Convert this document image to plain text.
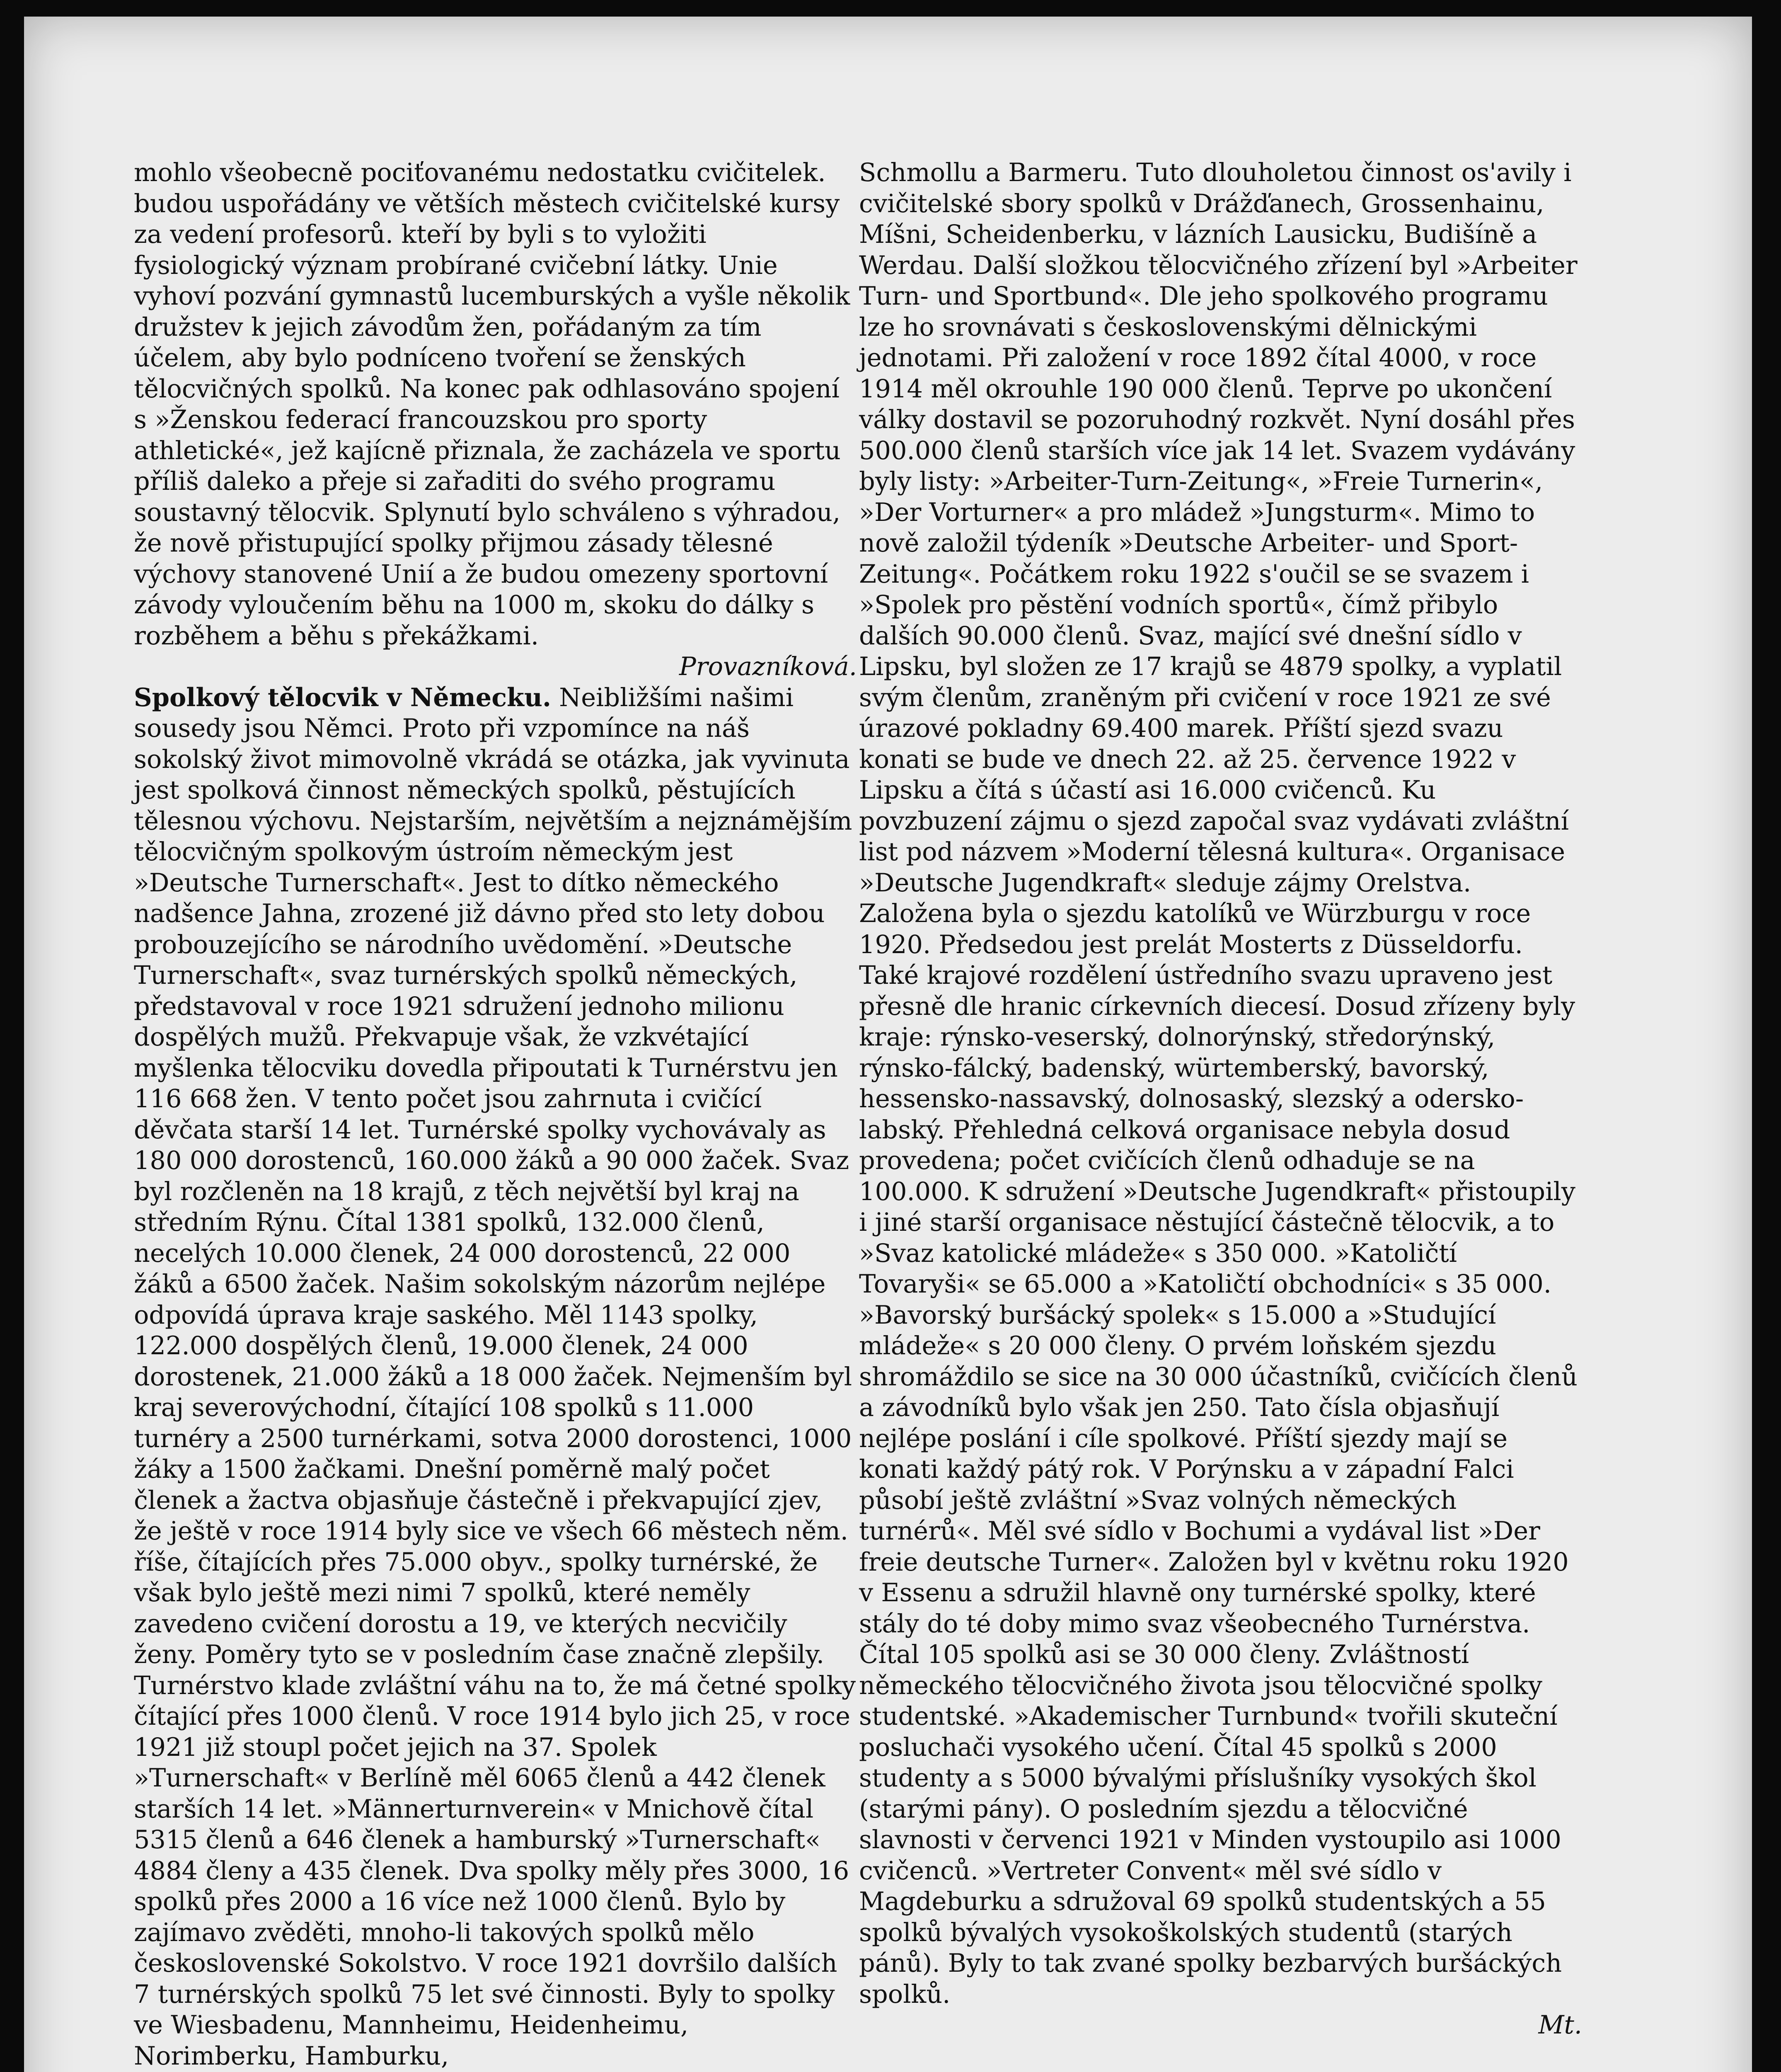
mohlo všeobecně pociťovanému nedostatku cvičitelek. budou uspořádány ve větších městech cvičitelské kursy za vedení profesorů. kteří by byli s to vyložiti fysiologický význam probírané cvičební látky. Unie vyhoví pozvání gymnastů lucemburských a vyšle několik družstev k jejich závodům žen, pořádaným za tím účelem, aby bylo podníceno tvoření se ženských tělocvičných spolků. Na konec pak odhlasováno spojení s »Ženskou federací francouzskou pro sporty athletické«, jež kajícně přiznala, že zacházela ve sportu příliš daleko a přeje si zařaditi do svého programu soustavný tělocvik. Splynutí bylo schváleno s výhradou, že nově přistupující spolky přijmou zásady tělesné výchovy stanovené Unií a že budou omezeny sportovní závody vyloučením běhu na 1000 m, skoku do dálky s rozběhem a běhu s překážkami.

Provazníková.

Spolkový tělocvik v Německu. Neibližšími našimi sousedy jsou Němci. Proto při vzpomínce na náš sokolský život mimovolně vkrádá se otázka, jak vyvinuta jest spolková činnost německých spolků, pěstujících tělesnou výchovu. Nejstarším, největším a nejznámějším tělocvičným spolkovým ústroím německým jest »Deutsche Turnerschaft«. Jest to dítko německého nadšence Jahna, zrozené již dávno před sto lety dobou probouzejícího se národního uvědomění. »Deutsche Turnerschaft«, svaz turnérských spolků německých, představoval v roce 1921 sdružení jednoho milionu dospělých mužů. Překvapuje však, že vzkvétající myšlenka tělocviku dovedla připoutati k Turnérstvu jen 116 668 žen. V tento počet jsou zahrnuta i cvičící děvčata starší 14 let. Turnérské spolky vychovávaly as 180 000 dorostenců, 160.000 žáků a 90 000 žaček. Svaz byl rozčleněn na 18 krajů, z těch největší byl kraj na středním Rýnu. Čítal 1381 spolků, 132.000 členů, necelých 10.000 členek, 24 000 dorostenců, 22 000 žáků a 6500 žaček. Našim sokolským názorům nejlépe odpovídá úprava kraje saského. Měl 1143 spolky, 122.000 dospělých členů, 19.000 členek, 24 000 dorostenek, 21.000 žáků a 18 000 žaček. Nejmenším byl kraj severovýchodní, čítající 108 spolků s 11.000 turnéry a 2500 turnérkami, sotva 2000 dorostenci, 1000 žáky a 1500 žačkami. Dnešní poměrně malý počet členek a žactva objasňuje částečně i překvapující zjev, že ještě v roce 1914 byly sice ve všech 66 městech něm. říše, čítajících přes 75.000 obyv., spolky turnérské, že však bylo ještě mezi nimi 7 spolků, které neměly zavedeno cvičení dorostu a 19, ve kterých necvičily ženy. Poměry tyto se v posledním čase značně zlepšily. Turnérstvo klade zvláštní váhu na to, že má četné spolky čítající přes 1000 členů. V roce 1914 bylo jich 25, v roce 1921 již stoupl počet jejich na 37. Spolek »Turnerschaft« v Berlíně měl 6065 členů a 442 členek starších 14 let. »Männerturnverein« v Mnichově čítal 5315 členů a 646 členek a hamburský »Turnerschaft« 4884 členy a 435 členek. Dva spolky měly přes 3000, 16 spolků přes 2000 a 16 více než 1000 členů. Bylo by zajímavo zvěděti, mnoho-li takových spolků mělo československé Sokolstvo. V roce 1921 dovršilo dalších 7 turnérských spolků 75 let své činnosti. Byly to spolky ve Wiesbadenu, Mannheimu, Heidenheimu, Norimberku, Hamburku,

Schmollu a Barmeru. Tuto dlouholetou činnost os'avily i cvičitelské sbory spolků v Drážďanech, Grossenhainu, Míšni, Scheidenberku, v lázních Lausicku, Budišíně a Werdau. Další složkou tělocvičného zřízení byl »Arbeiter Turn- und Sportbund«. Dle jeho spolkového programu lze ho srovnávati s československými dělnickými jednotami. Při založení v roce 1892 čítal 4000, v roce 1914 měl okrouhle 190 000 členů. Teprve po ukončení války dostavil se pozoruhodný rozkvět. Nyní dosáhl přes 500.000 členů starších více jak 14 let. Svazem vydávány byly listy: »Arbeiter-Turn-Zeitung«, »Freie Turnerin«, »Der Vorturner« a pro mládež »Jungsturm«. Mimo to nově založil týdeník »Deutsche Arbeiter- und Sport-Zeitung«. Počátkem roku 1922 s'oučil se se svazem i »Spolek pro pěstění vodních sportů«, čímž přibylo dalších 90.000 členů. Svaz, mající své dnešní sídlo v Lipsku, byl složen ze 17 krajů se 4879 spolky, a vyplatil svým členům, zraněným při cvičení v roce 1921 ze své úrazové pokladny 69.400 marek. Příští sjezd svazu konati se bude ve dnech 22. až 25. července 1922 v Lipsku a čítá s účastí asi 16.000 cvičenců. Ku povzbuzení zájmu o sjezd započal svaz vydávati zvláštní list pod názvem »Moderní tělesná kultura«. Organisace »Deutsche Jugendkraft« sleduje zájmy Orelstva. Založena byla o sjezdu katolíků ve Würzburgu v roce 1920. Předsedou jest prelát Mosterts z Düsseldorfu. Také krajové rozdělení ústředního svazu upraveno jest přesně dle hranic církevních diecesí. Dosud zřízeny byly kraje: rýnsko-vesersk‌ý, dolnorýnský, středorýnský, rýnsko-fálcký, badenský, würtemberský, bavorský, hessensko-nassavský, dolnosaský, slezský a odersko-labský. Přehledná celková organisace nebyla dosud provedena; počet cvičících členů odhaduje se na 100.000. K sdružení »Deutsche Jugendkraft« přistoupily i jiné starší organisace něstující částečně tělocvik, a to »Svaz katolické mládeže« s 350 000. »Katoličtí Tovaryši« se 65.000 a »Katoličtí obchodníci« s 35 000. »Bavorský buršácký spolek« s 15.000 a »Studující mládeže« s 20 000 členy. O prvém loňském sjezdu shromáždilo se sice na 30 000 účastníků, cvičících členů a závodníků bylo však jen 250. Tato čísla objasňují nejlépe poslání i cíle spolkové. Příští sjezdy mají se konati každý pátý rok. V Porýnsku a v západní Falci působí ještě zvláštní »Svaz volných německých turnérů«. Měl své sídlo v Bochumi a vydával list »Der freie deutsche Turner«. Založen byl v květnu roku 1920 v Essenu a sdružil hlavně ony turnérské spolky, které stály do té doby mimo svaz všeobecného Turnérstva. Čítal 105 spolků asi se 30 000 členy. Zvláštností německého tělocvičného života jsou tělocvičné spolky studentské. »Akademischer Turnbund« tvořili skuteční posluchači vysokého učení. Čítal 45 spolků s 2000 studenty a s 5000 bývalými příslušníky vysokých škol (starými pány). O posledním sjezdu a tělocvičné slavnosti v červenci 1921 v Minden vystoupilo asi 1000 cvičenců. »Vertreter Convent« měl své sídlo v Magdeburku a sdružoval 69 spolků studentských a 55 spolků bývalých vysokoškolských studentů (starých pánů). Byly to tak zvané spolky bezbarvých buršáckých spolků.

Mt.
